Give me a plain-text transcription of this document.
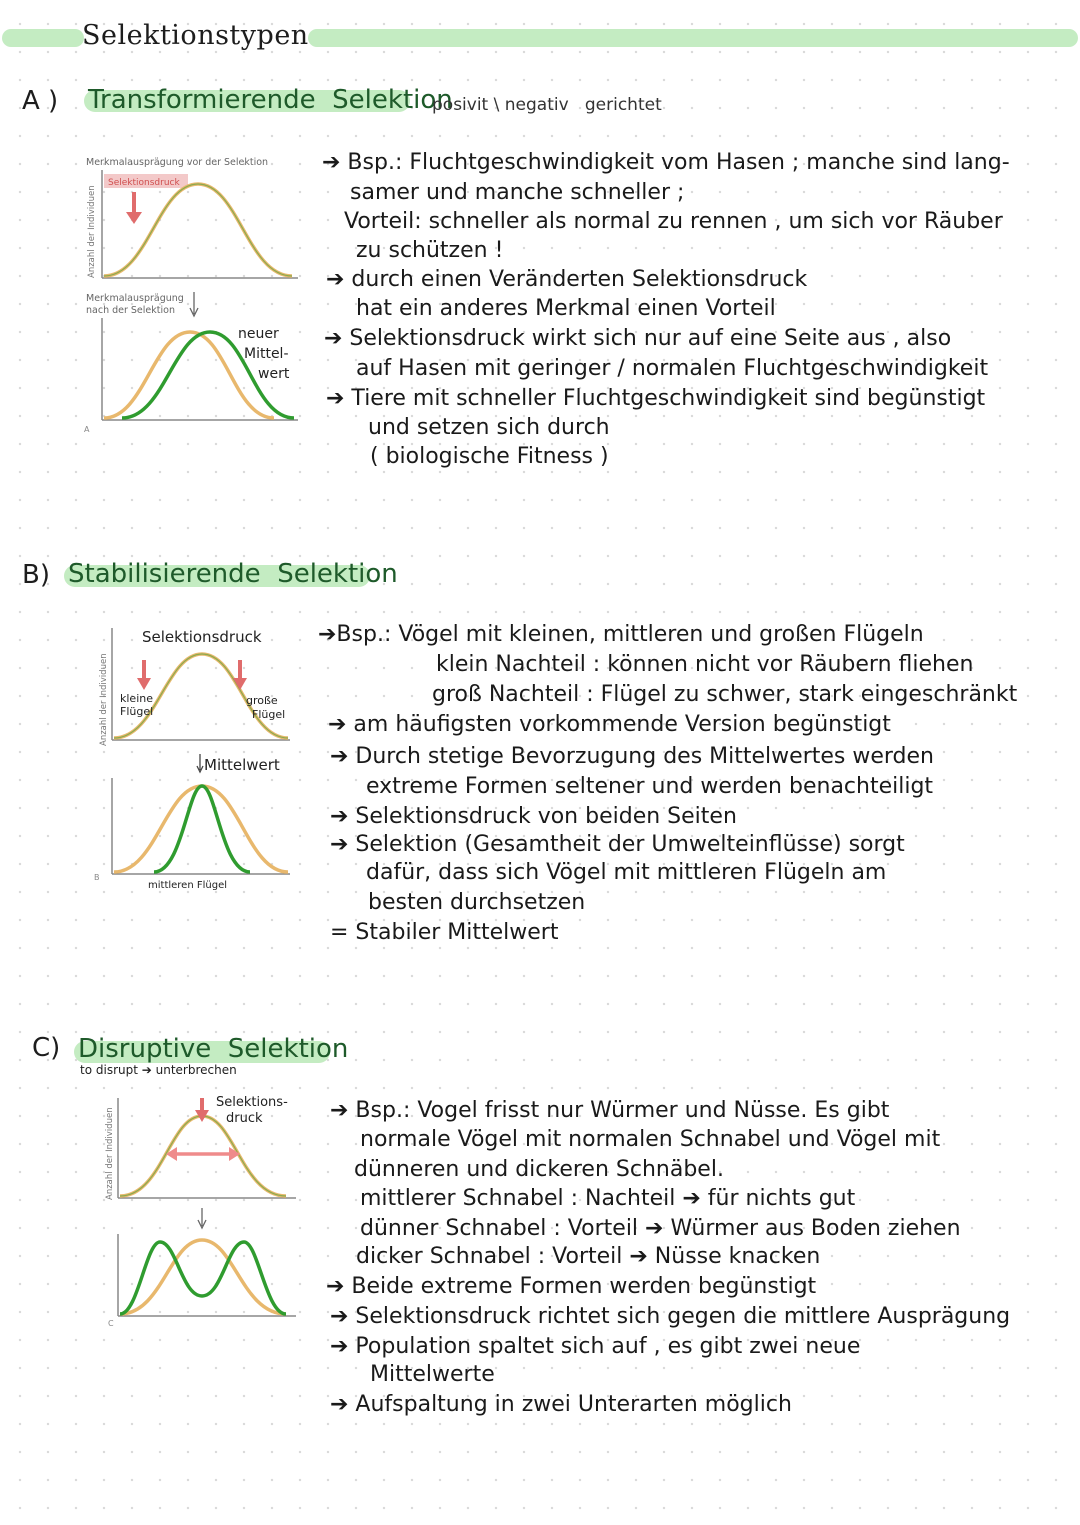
Selektionstypen
A ) Transformierende Selektion
posivit \ negativ   gerichtet
Merkmalausprägung vor der Selektion
Anzahl der Individuen
Selektionsdruck
Merkmalausprägung
nach der Selektion
A
neuer
Mittel-
wert
➔ Bsp.: Fluchtgeschwindigkeit vom Hasen ; manche sind lang-
samer und manche schneller ;
Vorteil: schneller als normal zu rennen , um sich vor Räuber
zu schützen !
➔ durch einen Veränderten Selektionsdruck
hat ein anderes Merkmal einen Vorteil
➔ Selektionsdruck wirkt sich nur auf eine Seite aus , also
auf Hasen mit geringer / normalen Fluchtgeschwindigkeit
➔ Tiere mit schneller Fluchtgeschwindigkeit sind begünstigt
und setzen sich durch
( biologische Fitness )
B) Stabilisierende Selektion
Anzahl der Individuen
Selektionsdruck
kleine
Flügel
große
Flügel
Mittelwert
B
mittleren Flügel
➔Bsp.: Vögel mit kleinen, mittleren und großen Flügeln
klein Nachteil : können nicht vor Räubern fliehen
groß Nachteil : Flügel zu schwer, stark eingeschränkt
➔ am häufigsten vorkommende Version begünstigt
➔ Durch stetige Bevorzugung des Mittelwertes werden
extreme Formen seltener und werden benachteiligt
➔ Selektionsdruck von beiden Seiten
➔ Selektion (Gesamtheit der Umwelteinflüsse) sorgt
dafür, dass sich Vögel mit mittleren Flügeln am
besten durchsetzen
= Stabiler Mittelwert
C) Disruptive Selektion
to disrupt ➔ unterbrechen
Anzahl der Individuen
Selektions-
druck
C
➔ Bsp.: Vogel frisst nur Würmer und Nüsse. Es gibt
normale Vögel mit normalen Schnabel und Vögel mit
dünneren und dickeren Schnäbel.
mittlerer Schnabel : Nachteil ➔ für nichts gut
dünner Schnabel : Vorteil ➔ Würmer aus Boden ziehen
dicker Schnabel : Vorteil ➔ Nüsse knacken
➔ Beide extreme Formen werden begünstigt
➔ Selektionsdruck richtet sich gegen die mittlere Ausprägung
➔ Population spaltet sich auf , es gibt zwei neue
Mittelwerte
➔ Aufspaltung in zwei Unterarten möglich
